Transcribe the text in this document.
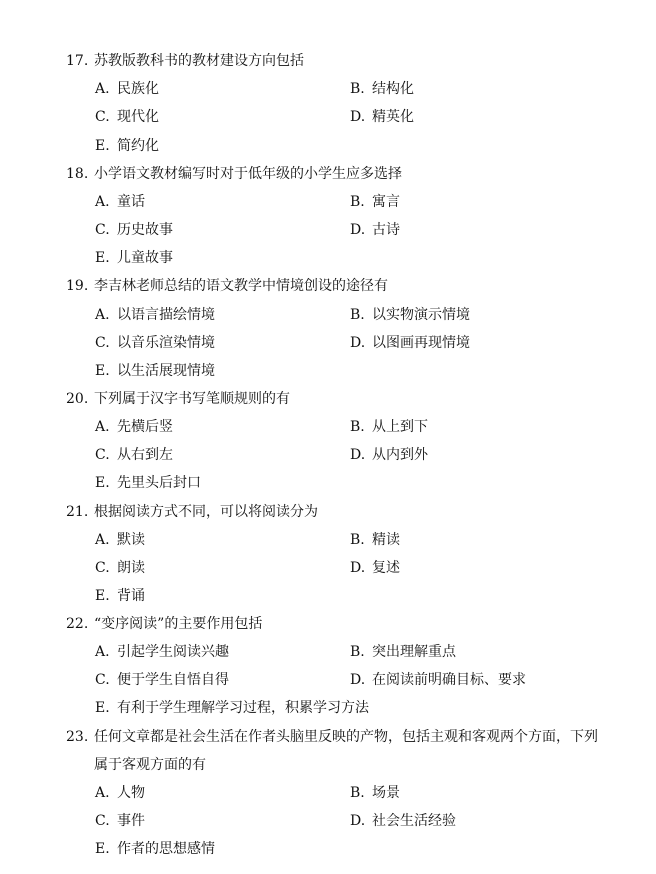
17. 苏教版教科书的教材建设方向包括
A. 民族化	B. 结构化
C. 现代化	D. 精英化
E. 简约化
18. 小学语文教材编写时对于低年级的小学生应多选择
A. 童话	B. 寓言
C. 历史故事	D. 古诗
E. 儿童故事
19. 李吉林老师总结的语文教学中情境创设的途径有
A. 以语言描绘情境	B. 以实物演示情境
C. 以音乐渲染情境	D. 以图画再现情境
E. 以生活展现情境
20. 下列属于汉字书写笔顺规则的有
A. 先横后竖	B. 从上到下
C. 从右到左	D. 从内到外
E. 先里头后封口
21. 根据阅读方式不同，可以将阅读分为
A. 默读	B. 精读
C. 朗读	D. 复述
E. 背诵
22. “变序阅读”的主要作用包括
A. 引起学生阅读兴趣	B. 突出理解重点
C. 便于学生自悟自得	D. 在阅读前明确目标、要求
E. 有利于学生理解学习过程，积累学习方法
23. 任何文章都是社会生活在作者头脑里反映的产物，包括主观和客观两个方面，下列
属于客观方面的有
A. 人物	B. 场景
C. 事件	D. 社会生活经验
E. 作者的思想感情
